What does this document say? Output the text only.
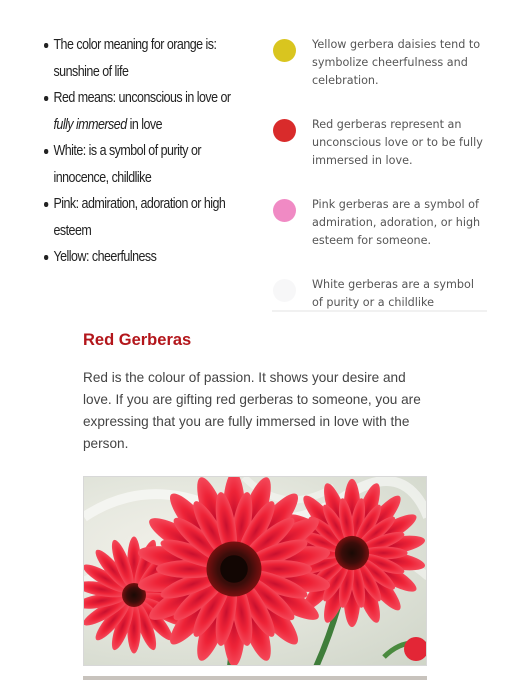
The color meaning for orange is:
sunshine of life
Red means: unconscious in love or
fully immersed in love
White: is a symbol of purity or
innocence, childlike
Pink: admiration, adoration or high
esteem
Yellow: cheerfulness

Yellow gerbera daisies tend to symbolize cheerfulness and celebration.

Red gerberas represent an unconscious love or to be fully immersed in love.

Pink gerberas are a symbol of admiration, adoration, or high esteem for someone.

White gerberas are a symbol of purity or a childlike

Red Gerberas

Red is the colour of passion. It shows your desire and love. If you are gifting red gerberas to someone, you are expressing that you are fully immersed in love with the person.
